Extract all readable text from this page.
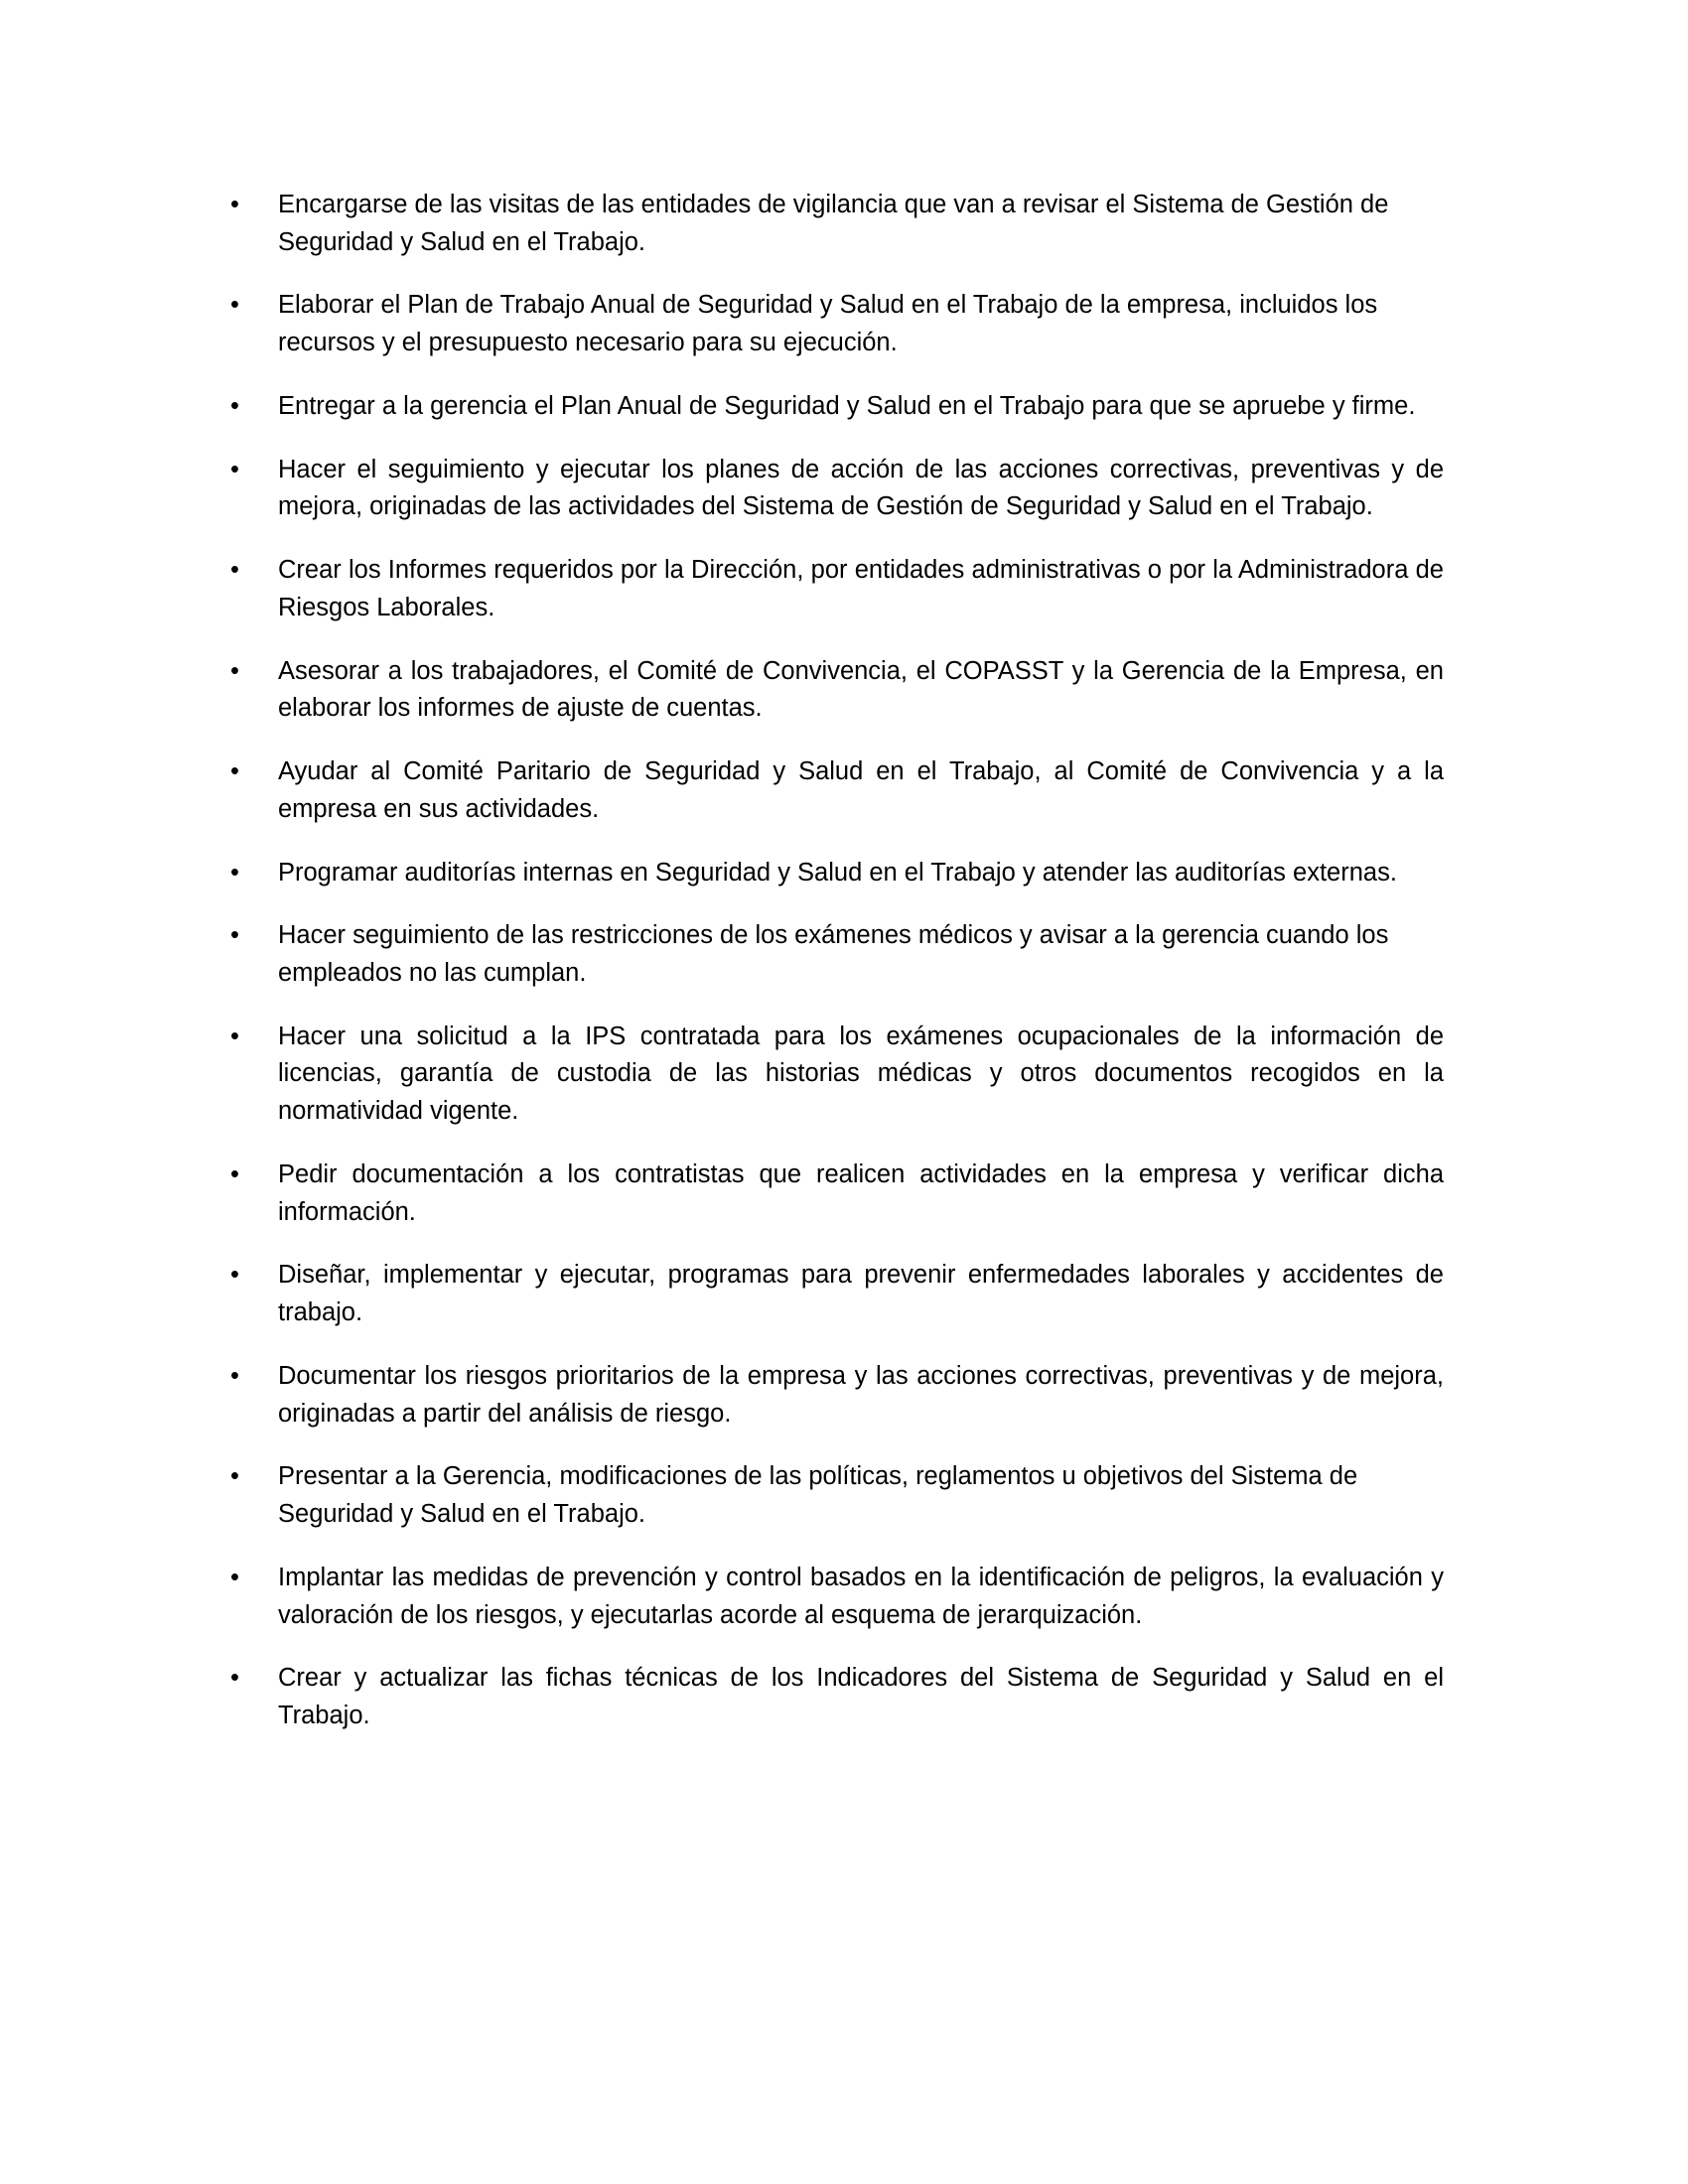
• Encargarse de las visitas de las entidades de vigilancia que van a revisar el Sistema de Gestión de Seguridad y Salud en el Trabajo.
• Elaborar el Plan de Trabajo Anual de Seguridad y Salud en el Trabajo de la empresa, incluidos los recursos y el presupuesto necesario para su ejecución.
• Entregar a la gerencia el Plan Anual de Seguridad y Salud en el Trabajo para que se apruebe y firme.
• Hacer el seguimiento y ejecutar los planes de acción de las acciones correctivas, preventivas y de mejora, originadas de las actividades del Sistema de Gestión de Seguridad y Salud en el Trabajo.
• Crear los Informes requeridos por la Dirección, por entidades administrativas o por la Administradora de Riesgos Laborales.
• Asesorar a los trabajadores, el Comité de Convivencia, el COPASST y la Gerencia de la Empresa, en elaborar los informes de ajuste de cuentas.
• Ayudar al Comité Paritario de Seguridad y Salud en el Trabajo, al Comité de Convivencia y a la empresa en sus actividades.
• Programar auditorías internas en Seguridad y Salud en el Trabajo y atender las auditorías externas.
• Hacer seguimiento de las restricciones de los exámenes médicos y avisar a la gerencia cuando los empleados no las cumplan.
• Hacer una solicitud a la IPS contratada para los exámenes ocupacionales de la información de licencias, garantía de custodia de las historias médicas y otros documentos recogidos en la normatividad vigente.
• Pedir documentación a los contratistas que realicen actividades en la empresa y verificar dicha información.
• Diseñar, implementar y ejecutar, programas para prevenir enfermedades laborales y accidentes de trabajo.
• Documentar los riesgos prioritarios de la empresa y las acciones correctivas, preventivas y de mejora, originadas a partir del análisis de riesgo.
• Presentar a la Gerencia, modificaciones de las políticas, reglamentos u objetivos del Sistema de Seguridad y Salud en el Trabajo.
• Implantar las medidas de prevención y control basados en la identificación de peligros, la evaluación y valoración de los riesgos, y ejecutarlas acorde al esquema de jerarquización.
• Crear y actualizar las fichas técnicas de los Indicadores del Sistema de Seguridad y Salud en el Trabajo.
